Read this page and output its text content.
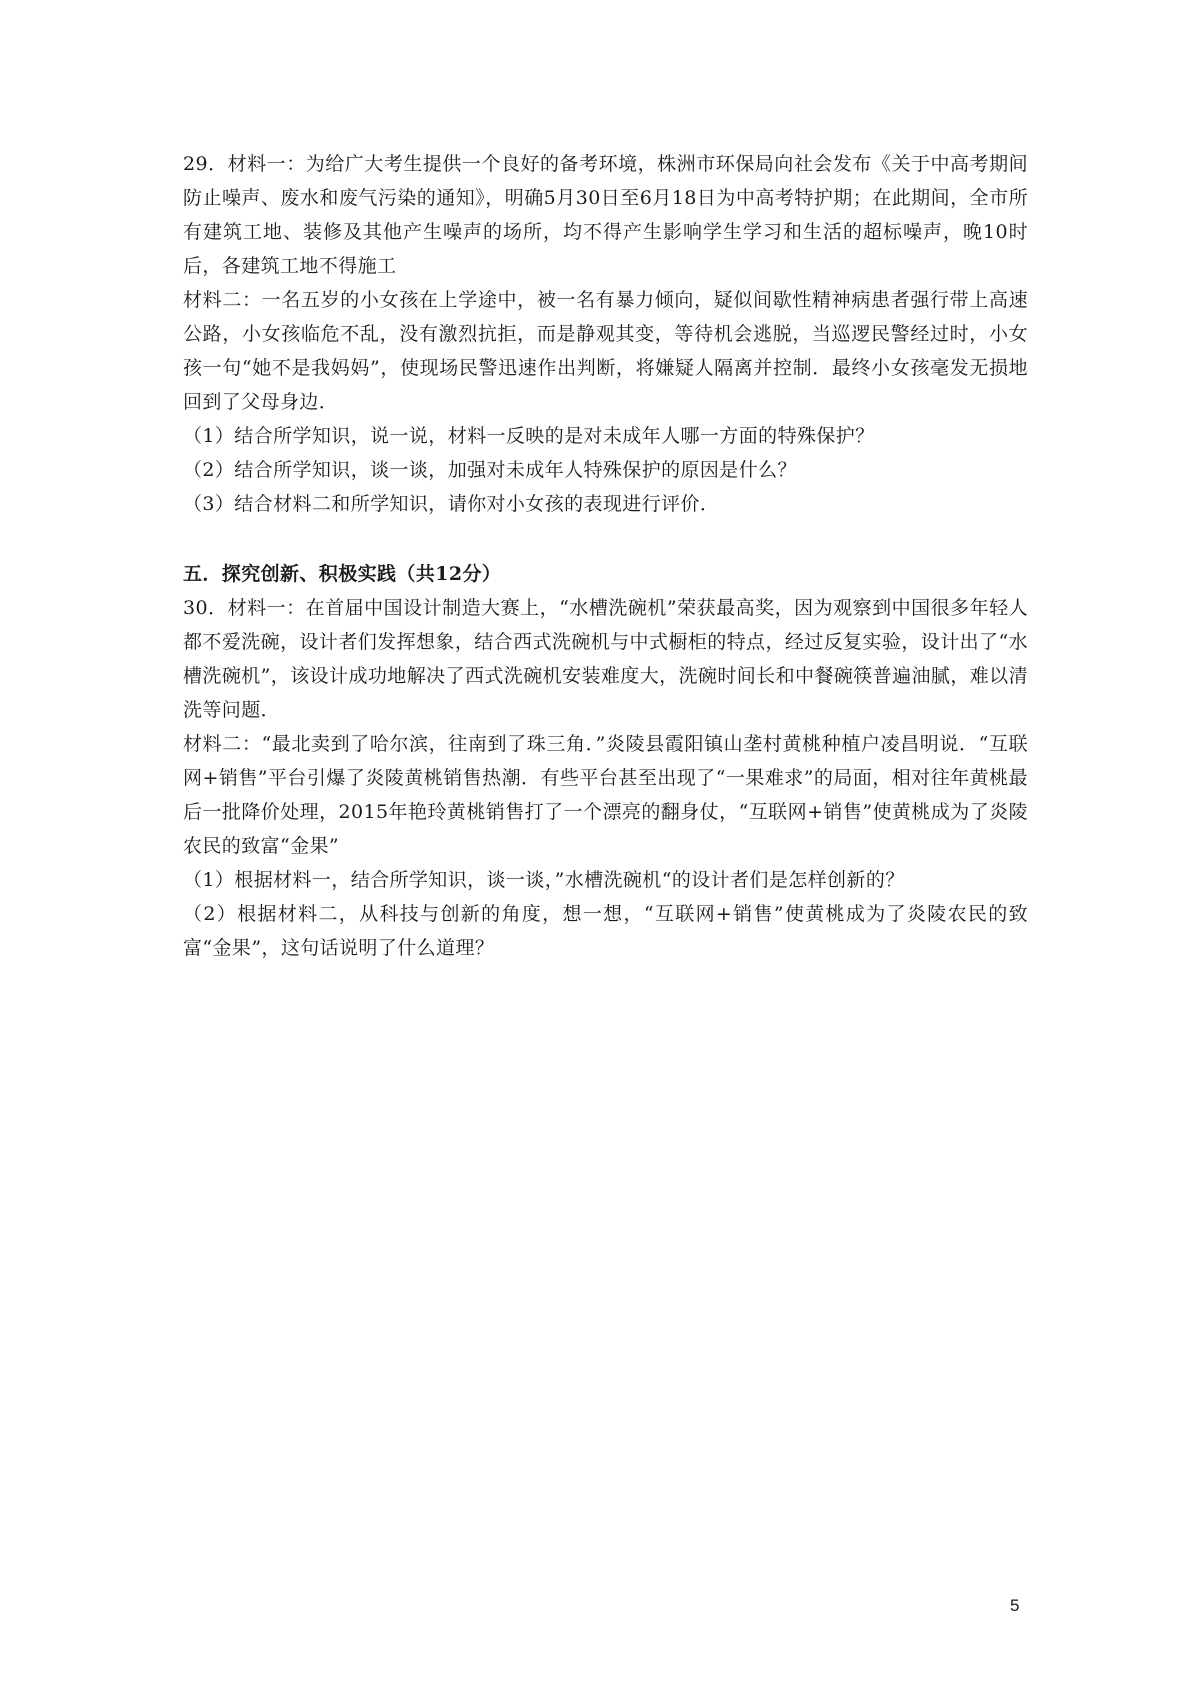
29．材料一：为给广大考生提供一个良好的备考环境，株洲市环保局向社会发布《关于中高考期间防止噪声、废水和废气污染的通知》，明确5月30日至6月18日为中高考特护期；在此期间，全市所有建筑工地、装修及其他产生噪声的场所，均不得产生影响学生学习和生活的超标噪声，晚10时后，各建筑工地不得施工

材料二：一名五岁的小女孩在上学途中，被一名有暴力倾向，疑似间歇性精神病患者强行带上高速公路，小女孩临危不乱，没有激烈抗拒，而是静观其变，等待机会逃脱，当巡逻民警经过时，小女孩一句“她不是我妈妈”，使现场民警迅速作出判断，将嫌疑人隔离并控制．最终小女孩毫发无损地回到了父母身边．

（1）结合所学知识，说一说，材料一反映的是对未成年人哪一方面的特殊保护？

（2）结合所学知识，谈一谈，加强对未成年人特殊保护的原因是什么？

（3）结合材料二和所学知识，请你对小女孩的表现进行评价．

五．探究创新、积极实践（共12分）

30．材料一：在首届中国设计制造大赛上，“水槽洗碗机”荣获最高奖，因为观察到中国很多年轻人都不爱洗碗，设计者们发挥想象，结合西式洗碗机与中式橱柜的特点，经过反复实验，设计出了“水槽洗碗机”，该设计成功地解决了西式洗碗机安装难度大，洗碗时间长和中餐碗筷普遍油腻，难以清洗等问题．

材料二：“最北卖到了哈尔滨，往南到了珠三角．”炎陵县霞阳镇山垄村黄桃种植户凌昌明说．“互联网+销售”平台引爆了炎陵黄桃销售热潮．有些平台甚至出现了“一果难求”的局面，相对往年黄桃最后一批降价处理，2015年艳玲黄桃销售打了一个漂亮的翻身仗，“互联网+销售”使黄桃成为了炎陵农民的致富“金果”

（1）根据材料一，结合所学知识，谈一谈，”水槽洗碗机“的设计者们是怎样创新的？

（2）根据材料二，从科技与创新的角度，想一想，“互联网+销售”使黄桃成为了炎陵农民的致富“金果”，这句话说明了什么道理？

5
